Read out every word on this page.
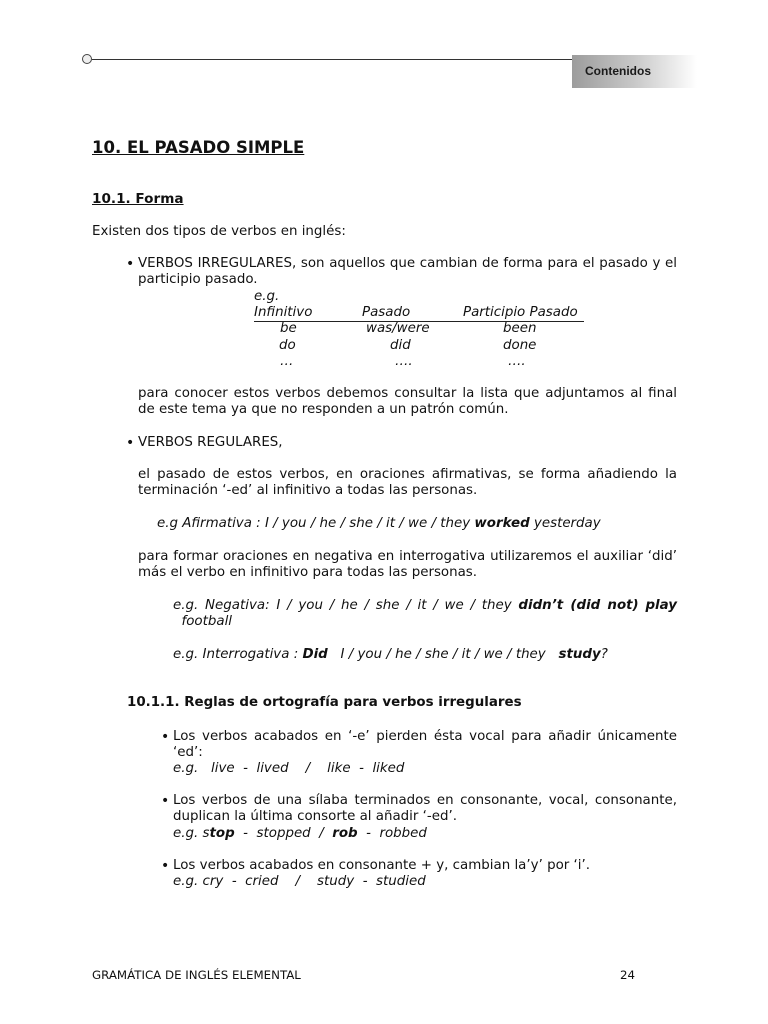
Contenidos
10. EL PASADO SIMPLE
10.1. Forma
Existen dos tipos de verbos en inglés:
• VERBOS IRREGULARES, son aquellos que cambian de forma para el pasado y el participio pasado.
e.g.
Infinitivo	Pasado	Participio Pasado
be	was/were	been
do	did	done
…	….	….
para conocer estos verbos debemos consultar la lista que adjuntamos al final de este tema ya que no responden a un patrón común.
• VERBOS REGULARES,
el pasado de estos verbos, en oraciones afirmativas, se forma añadiendo la terminación ‘-ed’ al infinitivo a todas las personas.
e.g Afirmativa : I / you / he / she / it / we / they worked yesterday
para formar oraciones en negativa en interrogativa utilizaremos el auxiliar ‘did’ más el verbo en infinitivo para todas las personas.
e.g. Negativa: I / you / he / she / it / we / they didn’t (did not) play  football
e.g. Interrogativa : Did   I / you / he / she / it / we / they   study?
10.1.1. Reglas de ortografía para verbos irregulares
• Los verbos acabados en ‘-e’ pierden ésta vocal para añadir únicamente ‘ed’:
e.g.   live  -  lived    /    like  -  liked
• Los verbos de una sílaba terminados en consonante, vocal, consonante, duplican la última consorte al añadir ‘-ed’.
e.g. stop  -  stopped  /  rob  -  robbed
• Los verbos acabados en consonante + y, cambian la’y’ por ‘i’.
e.g. cry  -  cried    /    study  -  studied
GRAMÁTICA DE INGLÉS ELEMENTAL	24
